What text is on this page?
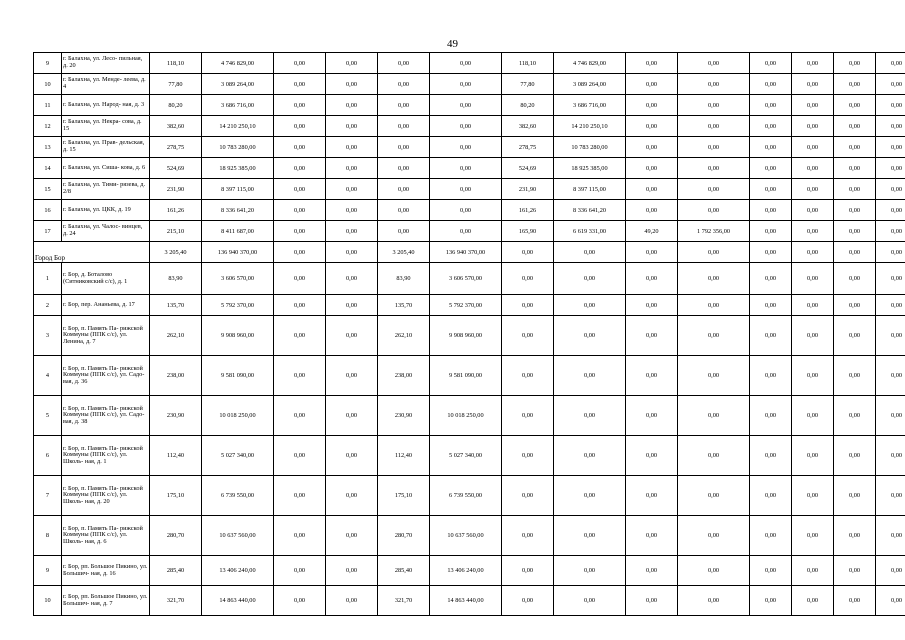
49
9	г. Балахна, ул. Лесо- пильная, д. 20	118,10	4 746 829,00	0,00	0,00	0,00	0,00	118,10	4 746 829,00	0,00	0,00	0,00	0,00	0,00	0,00
10	г. Балахна, ул. Менде- леева, д. 4	77,80	3 089 264,00	0,00	0,00	0,00	0,00	77,80	3 089 264,00	0,00	0,00	0,00	0,00	0,00	0,00
11	г. Балахна, ул. Народ- ная, д. 3	80,20	3 686 716,00	0,00	0,00	0,00	0,00	80,20	3 686 716,00	0,00	0,00	0,00	0,00	0,00	0,00
12	г. Балахна, ул. Некра- сова, д. 15	382,60	14 210 250,10	0,00	0,00	0,00	0,00	382,60	14 210 250,10	0,00	0,00	0,00	0,00	0,00	0,00
13	г. Балахна, ул. Прав- дельская, д. 15	278,75	10 783 280,00	0,00	0,00	0,00	0,00	278,75	10 783 280,00	0,00	0,00	0,00	0,00	0,00	0,00
14	г. Балахна, ул. Сиша- кова, д. 6	524,69	18 925 385,00	0,00	0,00	0,00	0,00	524,69	18 925 385,00	0,00	0,00	0,00	0,00	0,00	0,00
15	г. Балахна, ул. Тими- рязева, д. 2/8	231,90	8 397 115,00	0,00	0,00	0,00	0,00	231,90	8 397 115,00	0,00	0,00	0,00	0,00	0,00	0,00
16	г. Балахна, ул. ЦКК, д. 19	161,26	8 336 641,20	0,00	0,00	0,00	0,00	161,26	8 336 641,20	0,00	0,00	0,00	0,00	0,00	0,00
17	г. Балахна, ул. Чалос- винцев, д. 24	215,10	8 411 687,00	0,00	0,00	0,00	0,00	165,90	6 619 331,00	49,20	1 792 356,00	0,00	0,00	0,00	0,00
Город Бор		3 205,40	136 940 370,00	0,00	0,00	3 205,40	136 940 370,00	0,00	0,00	0,00	0,00	0,00	0,00	0,00	0,00
1	г. Бор, д. Боталово (Ситниковский с/с), д. 1	83,90	3 606 570,00	0,00	0,00	83,90	3 606 570,00	0,00	0,00	0,00	0,00	0,00	0,00	0,00	0,00
2	г. Бор, пер. Ананьева, д. 17	135,70	5 792 370,00	0,00	0,00	135,70	5 792 370,00	0,00	0,00	0,00	0,00	0,00	0,00	0,00	0,00
3	г. Бор, п. Память Па- рижской Коммуны (ППК с/с), ул. Ленина, д. 7	262,10	9 908 960,00	0,00	0,00	262,10	9 908 960,00	0,00	0,00	0,00	0,00	0,00	0,00	0,00	0,00
4	г. Бор, п. Память Па- рижской Коммуны (ППК с/с), ул. Садо- вая, д. 36	238,00	9 581 090,00	0,00	0,00	238,00	9 581 090,00	0,00	0,00	0,00	0,00	0,00	0,00	0,00	0,00
5	г. Бор, п. Память Па- рижской Коммуны (ППК с/с), ул. Садо- вая, д. 38	230,90	10 018 250,00	0,00	0,00	230,90	10 018 250,00	0,00	0,00	0,00	0,00	0,00	0,00	0,00	0,00
6	г. Бор, п. Память Па- рижской Коммуны (ППК с/с), ул. Школь- ная, д. 1	112,40	5 027 340,00	0,00	0,00	112,40	5 027 340,00	0,00	0,00	0,00	0,00	0,00	0,00	0,00	0,00
7	г. Бор, п. Память Па- рижской Коммуны (ППК с/с), ул. Школь- ная, д. 20	175,10	6 739 550,00	0,00	0,00	175,10	6 739 550,00	0,00	0,00	0,00	0,00	0,00	0,00	0,00	0,00
8	г. Бор, п. Память Па- рижской Коммуны (ППК с/с), ул. Школь- ная, д. 6	280,70	10 637 560,00	0,00	0,00	280,70	10 637 560,00	0,00	0,00	0,00	0,00	0,00	0,00	0,00	0,00
9	г. Бор, рп. Большое Пикино, ул. Большич- ная, д. 16	285,40	13 406 240,00	0,00	0,00	285,40	13 406 240,00	0,00	0,00	0,00	0,00	0,00	0,00	0,00	0,00
10	г. Бор, рп. Большое Пикино, ул. Большич- ная, д. 7	321,70	14 863 440,00	0,00	0,00	321,70	14 863 440,00	0,00	0,00	0,00	0,00	0,00	0,00	0,00	0,00
